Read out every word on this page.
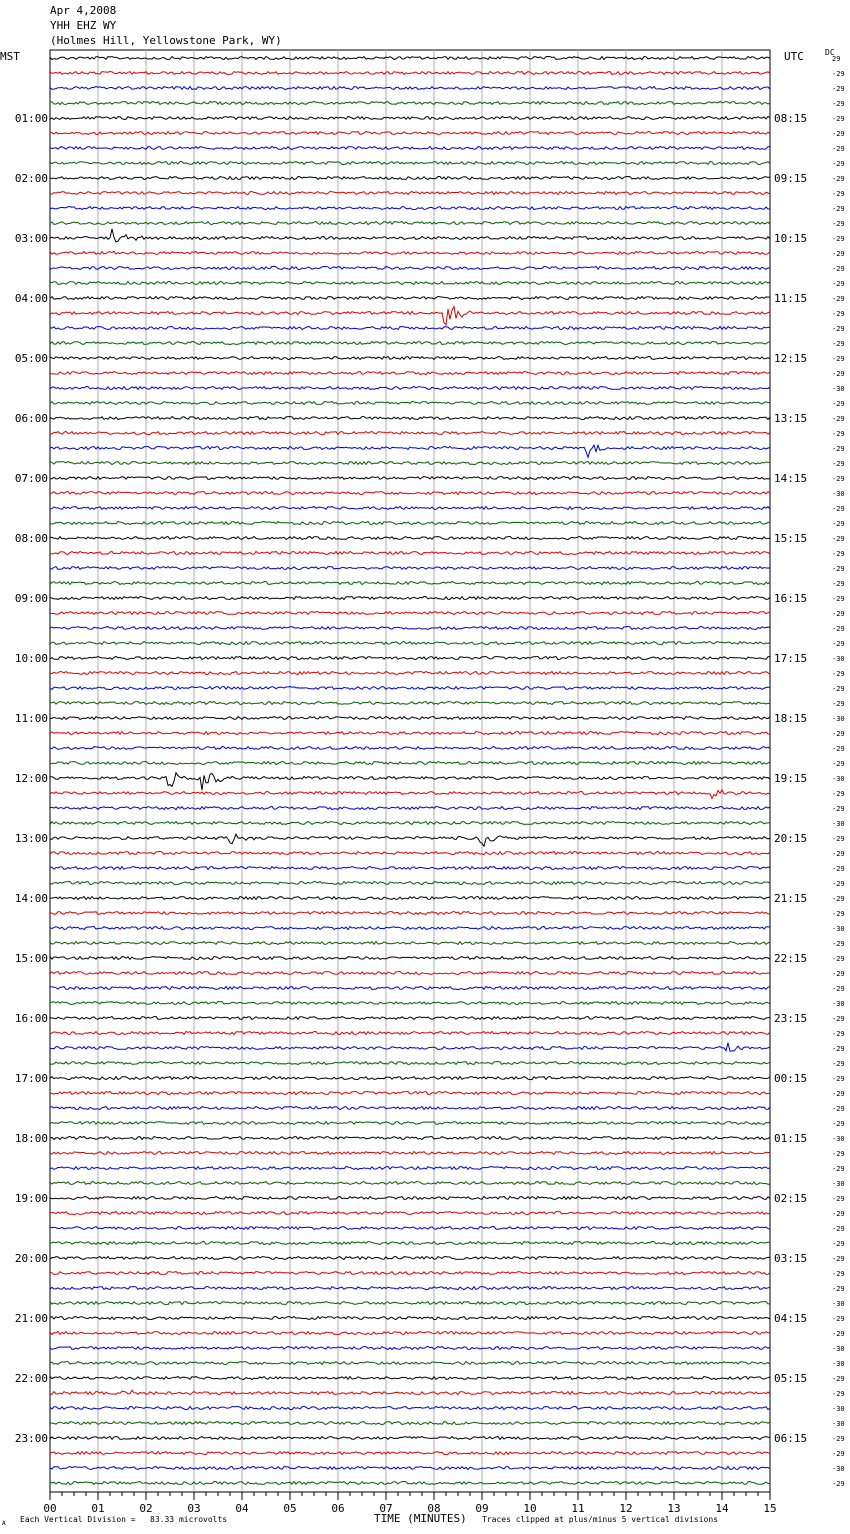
Apr 4,2008
YHH EHZ WY
(Holmes Hill, Yellowstone Park, WY)
MST	UTC	DC
00	01	02	03	04	05	06	07	08	09	10	11	12	13	14	15
29
-29
-29
-29
-29
-29
-29
-29
-29
-29
-29
-29
-29
-29
-29
-29
-29
-29
-29
-29
-29
-29
-30
-29
-29
-29
-29
-29
-29
-30
-29
-29
-29
-29
-29
-29
-29
-29
-29
-29
-30
-29
-29
-29
-30
-29
-29
-29
-30
-29
-29
-30
-29
-29
-29
-29
-29
-29
-30
-29
-29
-29
-29
-30
-29
-29
-29
-29
-29
-29
-29
-29
-30
-29
-29
-30
-29
-29
-29
-29
-29
-29
-29
-30
-29
-29
-30
-30
-29
-29
-30
-30
-29
-29
-30
-29
01:00
02:00
03:00
04:00
05:00
06:00
07:00
08:00
09:00
10:00
11:00
12:00
13:00
14:00
15:00
16:00
17:00
18:00
19:00
20:00
21:00
22:00
23:00
08:15
09:15
10:15
11:15
12:15
13:15
14:15
15:15
16:15
17:15
18:15
19:15
20:15
21:15
22:15
23:15
00:15
01:15
02:15
03:15
04:15
05:15
06:15
A Each Vertical Division =   83.33 microvolts	TIME (MINUTES) Traces clipped at plus/minus 5 vertical divisions
